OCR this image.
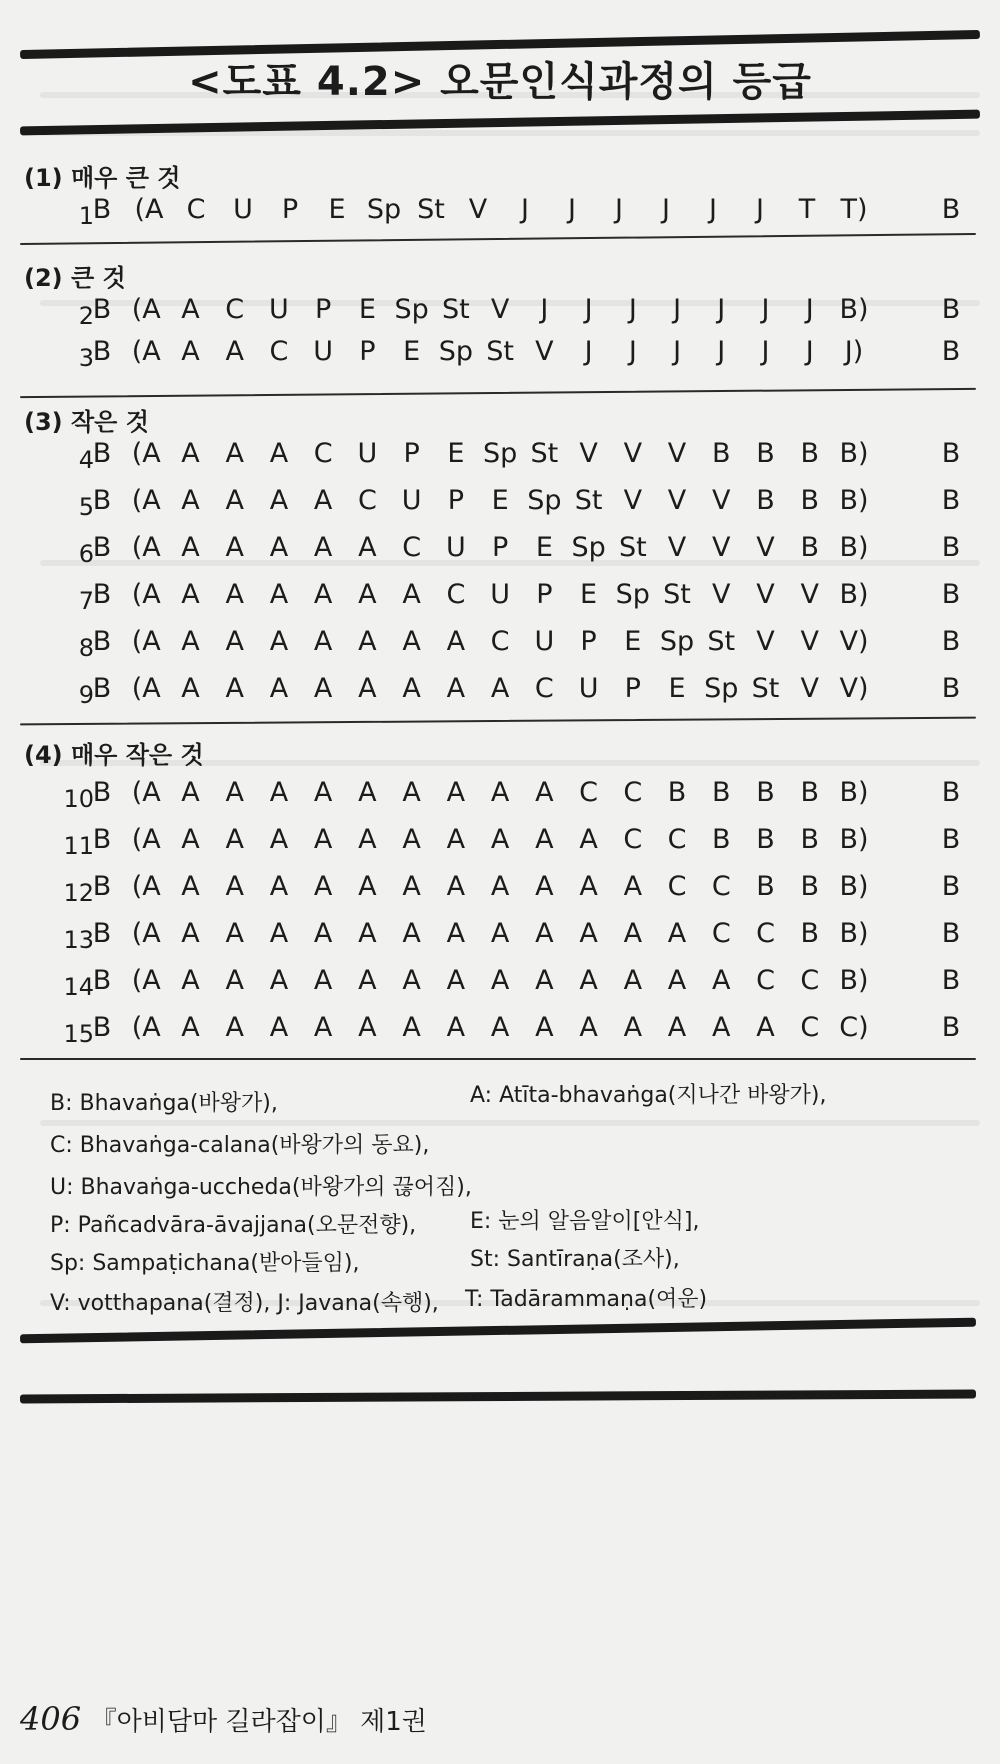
<도표 4.2> 오문인식과정의 등급
(1) 매우 큰 것
1
B (A C	U	P	E Sp St V	J	J	J	J	J	J	T T)	B
(2) 큰 것
2
B (A A C U P	E Sp St V	J	J	J	J	J	J	J B)	B
3
B (A A A C U P	E Sp St V	J	J	J	J	J	J	J)	B
(3) 작은 것
4
B (A A A A C U P	E Sp St V V V B B B B)	B
5
B (A A A A A C U P	E Sp St V V V B B B)	B
6
B (A A A A A A C U P	E Sp St V V V B B)	B
7
B (A A A A A A A C U P	E Sp St V V V B)	B
8
B (A A A A A A A A C U P	E Sp St V V V)	B
9
B (A A A A A A A A A C U P	E Sp St V V)	B
(4) 매우 작은 것
10
B (A A A A A A A A A A C C B B B B B)	B
11
B (A A A A A A A A A A A C C B B B B)	B
12
B (A A A A A A A A A A A A C C B B B)	B
13
B (A A A A A A A A A A A A A C C B B)	B
14
B (A A A A A A A A A A A A A A C C B)	B
15
B (A A A A A A A A A A A A A A A C C)	B
B: Bhavaṅga(바왕가),	A: Atīta-bhavaṅga(지나간 바왕가),
C: Bhavaṅga-calana(바왕가의 동요),
U: Bhavaṅga-uccheda(바왕가의 끊어짐),
P: Pañcadvāra-āvajjana(오문전향), E: 눈의 알음알이[안식],
Sp: Sampaṭichana(받아들임),	St: Santīraṇa(조사),
V: votthapana(결정), J: Javana(속행), T: Tadārammaṇa(여운)
406 『아비담마 길라잡이』 제1권
